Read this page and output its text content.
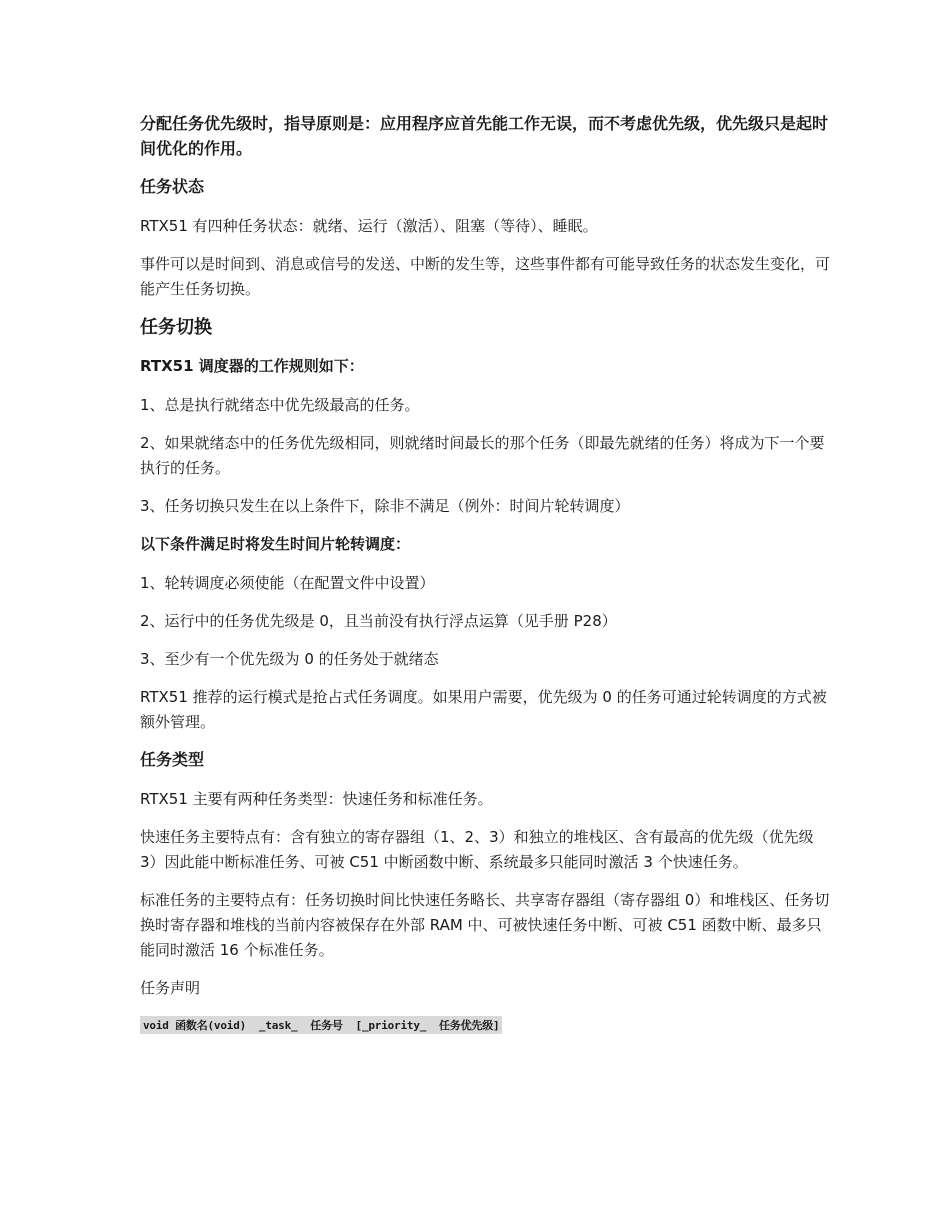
分配任务优先级时，指导原则是：应用程序应首先能工作无误，而不考虑优先级，优先级只是起时间优化的作用。

任务状态

RTX51 有四种任务状态：就绪、运行（激活）、阻塞（等待）、睡眠。

事件可以是时间到、消息或信号的发送、中断的发生等，这些事件都有可能导致任务的状态发生变化，可能产生任务切换。

任务切换

RTX51 调度器的工作规则如下：

1、总是执行就绪态中优先级最高的任务。

2、如果就绪态中的任务优先级相同，则就绪时间最长的那个任务（即最先就绪的任务）将成为下一个要执行的任务。

3、任务切换只发生在以上条件下，除非不满足（例外：时间片轮转调度）

以下条件满足时将发生时间片轮转调度：

1、轮转调度必须使能（在配置文件中设置）

2、运行中的任务优先级是 0，且当前没有执行浮点运算（见手册 P28）

3、至少有一个优先级为 0 的任务处于就绪态

RTX51 推荐的运行模式是抢占式任务调度。如果用户需要，优先级为 0 的任务可通过轮转调度的方式被额外管理。

任务类型

RTX51 主要有两种任务类型：快速任务和标准任务。

快速任务主要特点有：含有独立的寄存器组（1、2、3）和独立的堆栈区、含有最高的优先级（优先级 3）因此能中断标准任务、可被 C51 中断函数中断、系统最多只能同时激活 3 个快速任务。

标准任务的主要特点有：任务切换时间比快速任务略长、共享寄存器组（寄存器组 0）和堆栈区、任务切换时寄存器和堆栈的当前内容被保存在外部 RAM 中、可被快速任务中断、可被 C51 函数中断、最多只能同时激活 16 个标准任务。

任务声明

void 函数名(void)  _task_  任务号  [_priority_  任务优先级]
